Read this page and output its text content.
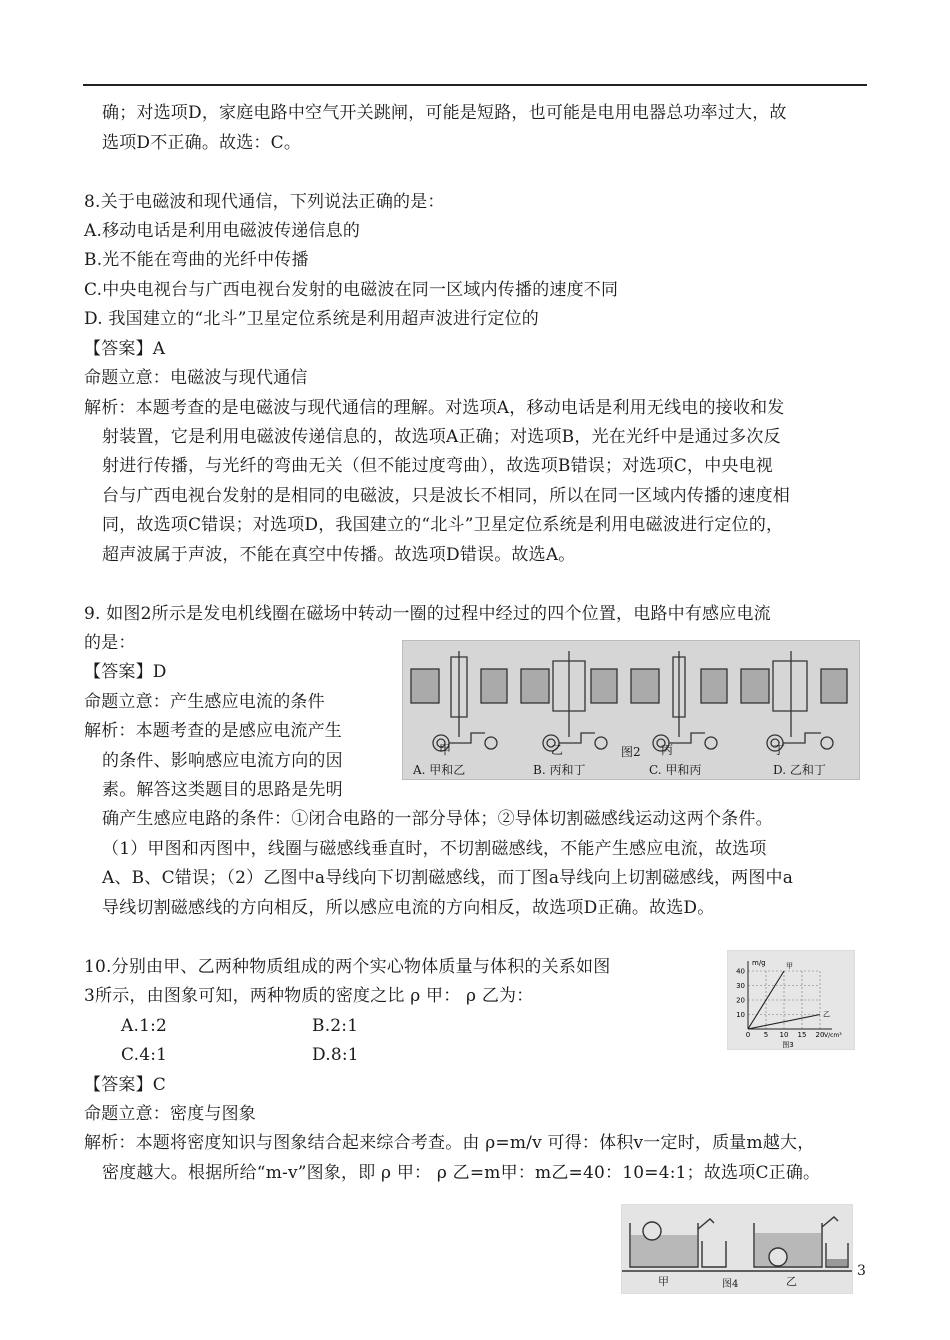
确；对选项D，家庭电路中空气开关跳闸，可能是短路，也可能是电用电器总功率过大，故
选项D不正确。故选：C。
8.关于电磁波和现代通信，下列说法正确的是：
A.移动电话是利用电磁波传递信息的
B.光不能在弯曲的光纤中传播
C.中央电视台与广西电视台发射的电磁波在同一区域内传播的速度不同
D. 我国建立的“北斗”卫星定位系统是利用超声波进行定位的
【答案】A
命题立意：电磁波与现代通信
解析：本题考查的是电磁波与现代通信的理解。对选项A，移动电话是利用无线电的接收和发
射装置，它是利用电磁波传递信息的，故选项A正确；对选项B，光在光纤中是通过多次反
射进行传播，与光纤的弯曲无关（但不能过度弯曲），故选项B错误；对选项C，中央电视
台与广西电视台发射的是相同的电磁波，只是波长不相同，所以在同一区域内传播的速度相
同，故选项C错误；对选项D，我国建立的“北斗”卫星定位系统是利用电磁波进行定位的，
超声波属于声波，不能在真空中传播。故选项D错误。故选A。
9. 如图2所示是发电机线圈在磁场中转动一圈的过程中经过的四个位置，电路中有感应电流
的是：
【答案】D
命题立意：产生感应电流的条件
解析：本题考查的是感应电流产生
的条件、影响感应电流方向的因
素。解答这类题目的思路是先明
确产生感应电路的条件：①闭合电路的一部分导体；②导体切割磁感线运动这两个条件。
（1）甲图和丙图中，线圈与磁感线垂直时，不切割磁感线，不能产生感应电流，故选项
A、B、C错误；（2）乙图中a导线向下切割磁感线，而丁图a导线向上切割磁感线，两图中a
导线切割磁感线的方向相反，所以感应电流的方向相反，故选项D正确。故选D。
甲	乙	丙	丁
图2
A. 甲和乙	B. 丙和丁	C. 甲和丙	D. 乙和丁
10.分别由甲、乙两种物质组成的两个实心物体质量与体积的关系如图
3所示，由图象可知，两种物质的密度之比 ρ 甲： ρ 乙为：
A.1:2	B.2:1
C.4:1	D.8:1
【答案】C
命题立意：密度与图象
解析：本题将密度知识与图象结合起来综合考查。由 ρ=m/v 可得：体积v一定时，质量m越大，
密度越大。根据所给“m-v”图象，即 ρ 甲： ρ 乙=m甲：m乙=40：10=4:1；故选项C正确。
0 5 10 15 20
10
20
30
40
m/g
V/cm³
甲
乙
图3
甲	乙
图4
3
